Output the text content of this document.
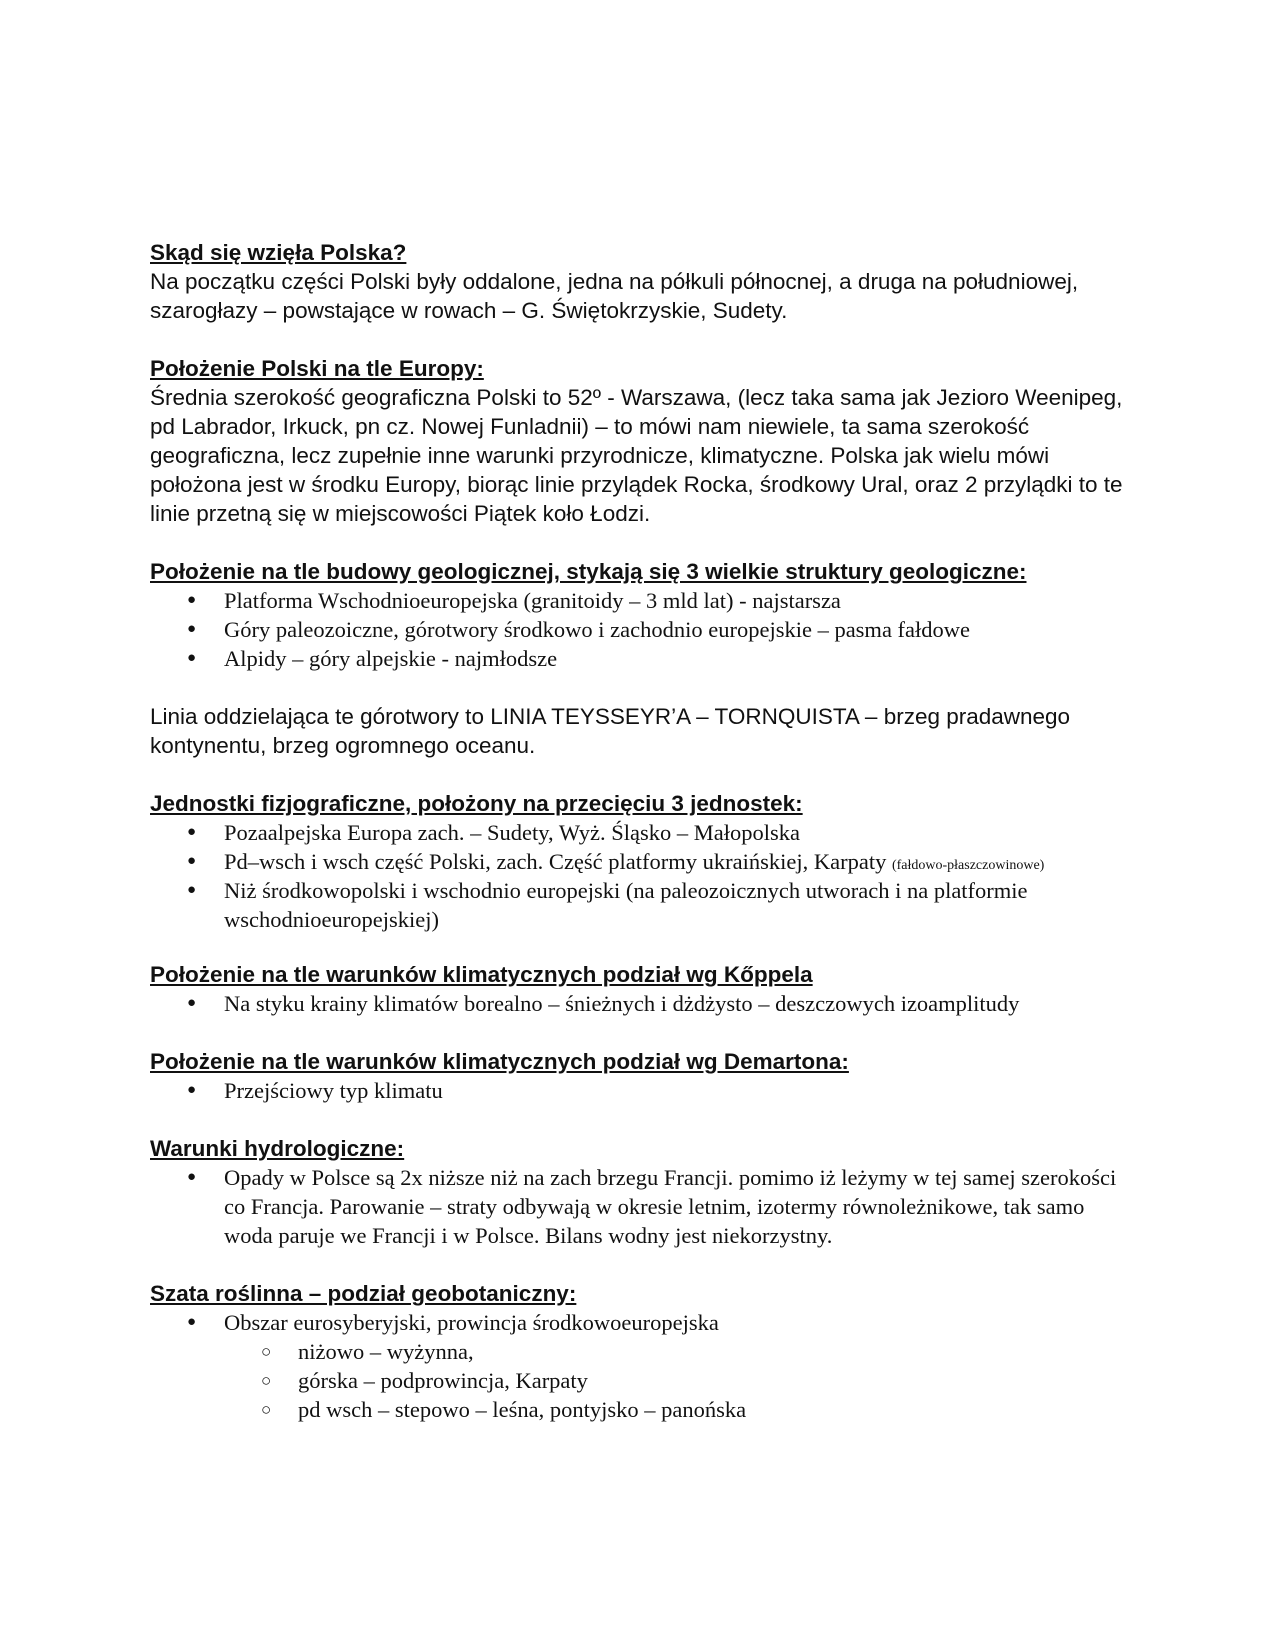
Skąd się wzięła Polska?

Na początku części Polski były oddalone, jedna na półkuli północnej, a druga na południowej, szarogłazy – powstające w rowach – G. Świętokrzyskie, Sudety.

Położenie Polski na tle Europy:

Średnia szerokość geograficzna Polski to 52º - Warszawa, (lecz taka sama jak Jezioro Weenipeg, pd Labrador, Irkuck, pn cz. Nowej Funladnii) – to mówi nam niewiele, ta sama szerokość geograficzna, lecz zupełnie inne warunki przyrodnicze, klimatyczne. Polska jak wielu mówi położona jest w środku Europy, biorąc linie przylądek Rocka, środkowy Ural, oraz 2 przylądki to te linie przetną się w miejscowości Piątek koło Łodzi.

Położenie na tle budowy geologicznej, stykają się 3 wielkie struktury geologiczne:

● Platforma Wschodnioeuropejska (granitoidy – 3 mld lat) - najstarsza
● Góry paleozoiczne, górotwory środkowo i zachodnio europejskie – pasma fałdowe
● Alpidy – góry alpejskie - najmłodsze

Linia oddzielająca te górotwory to LINIA TEYSSEYR’A – TORNQUISTA – brzeg pradawnego kontynentu, brzeg ogromnego oceanu.

Jednostki fizjograficzne, położony na przecięciu 3 jednostek:

● Pozaalpejska Europa zach. – Sudety, Wyż. Śląsko – Małopolska
● Pd–wsch i wsch część Polski, zach. Część platformy ukraińskiej, Karpaty (fałdowo-płaszczowinowe)
● Niż środkowopolski i wschodnio europejski (na paleozoicznych utworach i na platformie wschodnioeuropejskiej)

Położenie na tle warunków klimatycznych podział wg Kőppela

● Na styku krainy klimatów borealno – śnieżnych i dżdżysto – deszczowych izoamplitudy

Położenie na tle warunków klimatycznych podział wg Demartona:

● Przejściowy typ klimatu

Warunki hydrologiczne:

● Opady w Polsce są 2x niższe niż na zach brzegu Francji. pomimo iż leżymy w tej samej szerokości co Francja. Parowanie – straty odbywają w okresie letnim, izotermy równoleżnikowe, tak samo woda paruje we Francji i w Polsce. Bilans wodny jest niekorzystny.

Szata roślinna – podział geobotaniczny:

● Obszar eurosyberyjski, prowincja środkowoeuropejska
○ niżowo – wyżynna,
○ górska – podprowincja, Karpaty
○ pd wsch – stepowo – leśna, pontyjsko – panońska
